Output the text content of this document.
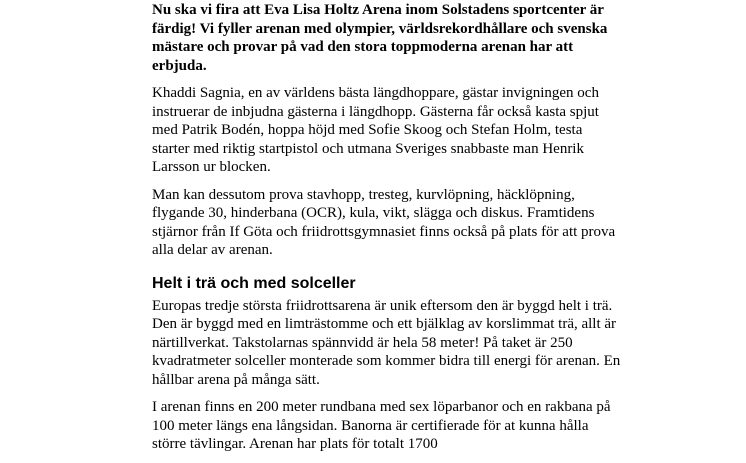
Nu ska vi fira att Eva Lisa Holtz Arena inom Solstadens sportcenter är färdig! Vi fyller arenan med olympier, världsrekordhållare och svenska mästare och provar på vad den stora toppmoderna arenan har att erbjuda.

Khaddi Sagnia, en av världens bästa längdhoppare, gästar invigningen och instruerar de inbjudna gästerna i längdhopp. Gästerna får också kasta spjut med Patrik Bodén, hoppa höjd med Sofie Skoog och Stefan Holm, testa starter med riktig startpistol och utmana Sveriges snabbaste man Henrik Larsson ur blocken.

Man kan dessutom prova stavhopp, tresteg, kurvlöpning, häcklöpning, flygande 30, hinderbana (OCR), kula, vikt, slägga och diskus. Framtidens stjärnor från If Göta och friidrottsgymnasiet finns också på plats för att prova alla delar av arenan.

Helt i trä och med solceller

Europas tredje största friidrottsarena är unik eftersom den är byggd helt i trä. Den är byggd med en limträstomme och ett bjälklag av korslimmat trä, allt är närtillverkat. Takstolarnas spännvidd är hela 58 meter! På taket är 250 kvadratmeter solceller monterade som kommer bidra till energi för arenan. En hållbar arena på många sätt.

I arenan finns en 200 meter rundbana med sex löparbanor och en rakbana på 100 meter längs ena långsidan. Banorna är certifierade för at kunna hålla större tävlingar. Arenan har plats för totalt 1700
